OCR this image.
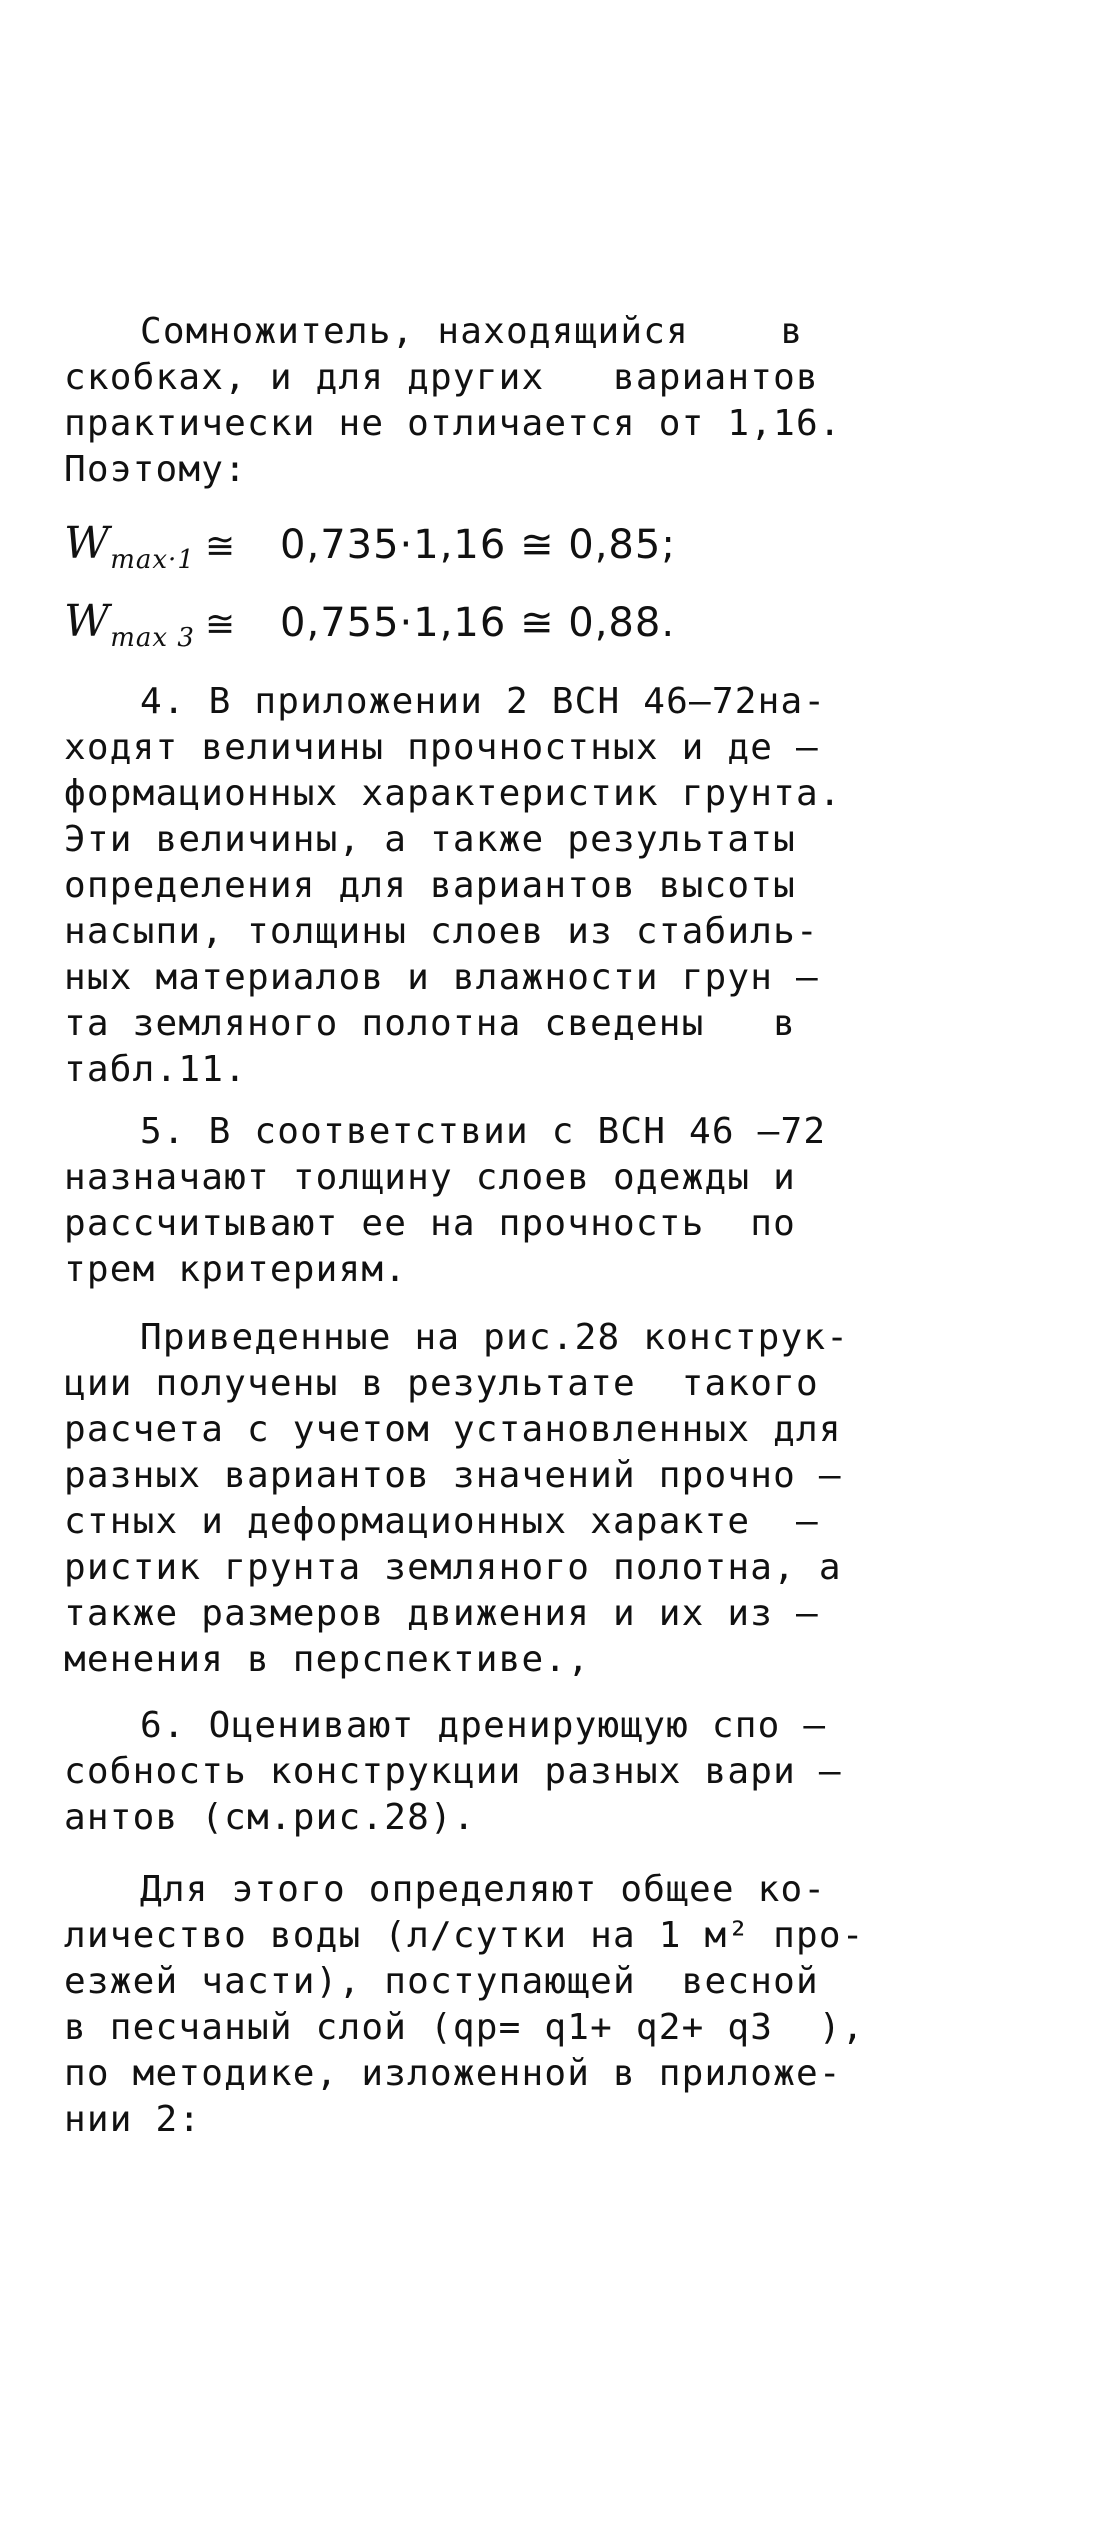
Сомножитель, находящийся    в
скобках, и для других   вариантов
практически не отличается от 1,16.
Поэтому:
$W_{max\cdot 1}$ ≅ 0,735·1,16 ≅ 0,85;
$W_{max 3}$ ≅ 0,755·1,16 ≅ 0,88.
4. В приложении 2 ВСН 46–72на-
ходят величины прочностных и де –
формационных характеристик грунта.
Эти величины, а также результаты
определения для вариантов высоты
насыпи, толщины слоев из стабиль-
ных материалов и влажности грун –
та земляного полотна сведены   в
табл.11.
5. В соответствии с ВСН 46 –72
назначают толщину слоев одежды и
рассчитывают ее на прочность  по
трем критериям.
Приведенные на рис.28 конструк-
ции получены в результате  такого
расчета с учетом установленных для
разных вариантов значений прочно –
стных и деформационных характе  –
ристик грунта земляного полотна, а
также размеров движения и их из –
менения в перспективе.,
6. Оценивают дренирующую спо –
собность конструкции разных вари –
антов (см.рис.28).
Для этого определяют общее ко-
личество воды (л/сутки на 1 м² про-
езжей части), поступающей  весной
в песчаный слой (qp= q1+ q2+ q3  ),
по методике, изложенной в приложе-
нии 2:
